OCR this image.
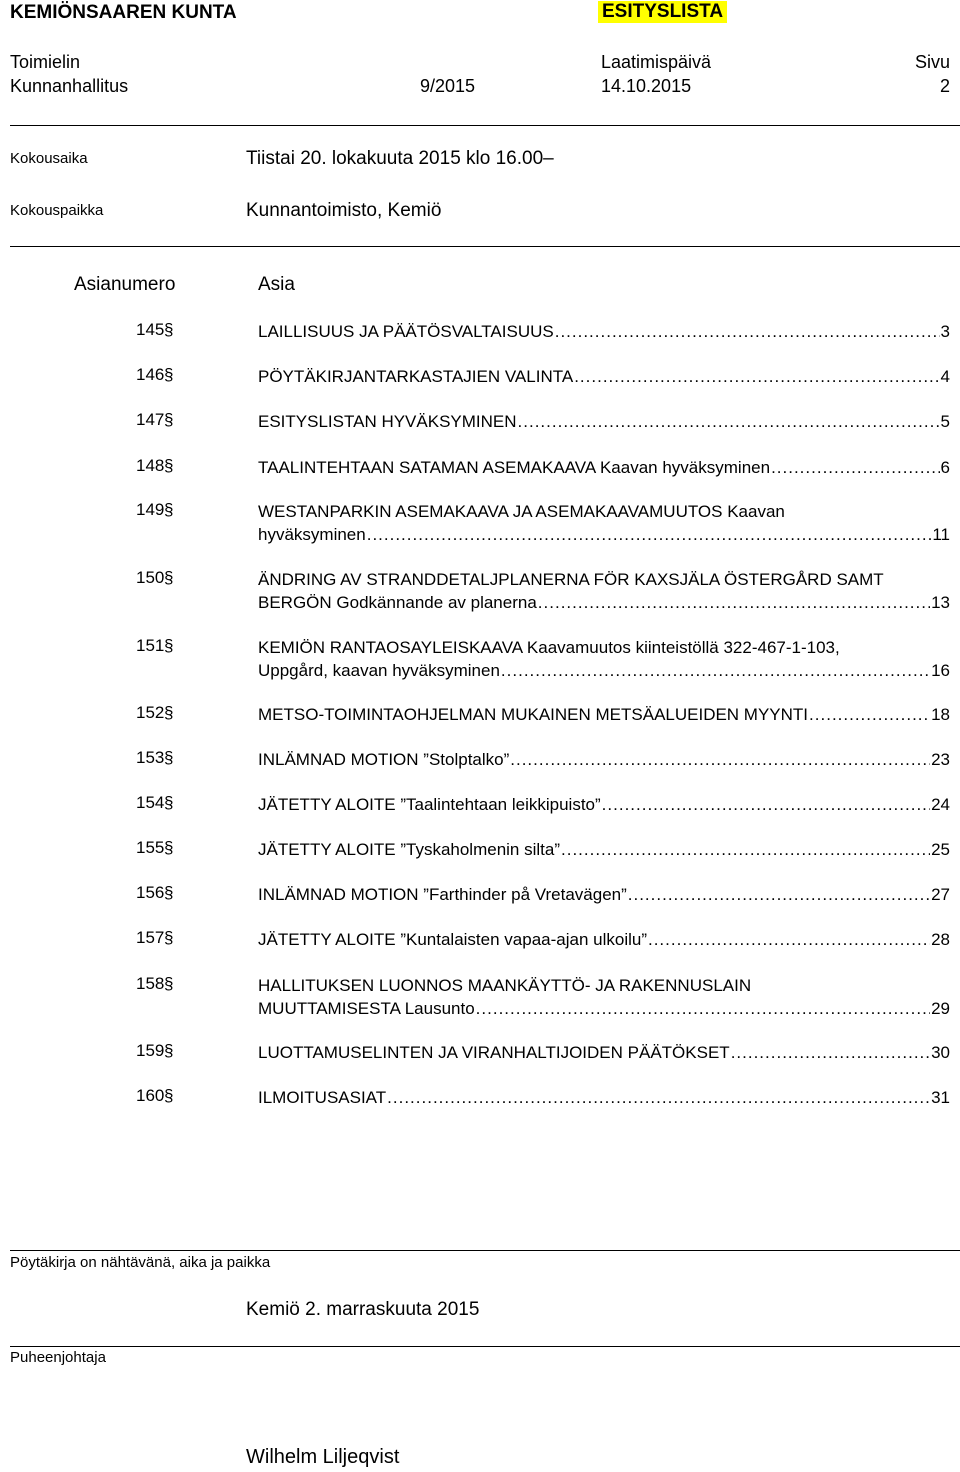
KEMIÖNSAAREN KUNTA	ESITYSLISTA
Toimielin
Kunnanhallitus	9/2015
Laatimispäivä
14.10.2015
Sivu
2
Kokousaika	Tiistai 20. lokakuuta 2015 klo 16.00–
Kokouspaikka	Kunnantoimisto, Kemiö
Asianumero	Asia
145 §	LAILLISUUS JA PÄÄTÖSVALTAISUUS .....	3
146 §	PÖYTÄKIRJANTARKASTAJIEN VALINTA .....	4
147 §	ESITYSLISTAN HYVÄKSYMINEN .....	5
148 §	TAALINTEHTAAN SATAMAN ASEMAKAAVA Kaavan hyväksyminen .....	6
149 §	WESTANPARKIN ASEMAKAAVA JA ASEMAKAAVAMUUTOS Kaavan
hyväksyminen .....	11
150 §	ÄNDRING AV STRANDDETALJPLANERNA FÖR KAXSJÄLA ÖSTERGÅRD SAMT
BERGÖN Godkännande av planerna .....	13
151 §	KEMIÖN RANTAOSAYLEISKAAVA Kaavamuutos kiinteistöllä 322-467-1-103,
Uppgård, kaavan hyväksyminen .....	16
152 §	METSO-TOIMINTAOHJELMAN MUKAINEN METSÄALUEIDEN MYYNTI .....	18
153 §	INLÄMNAD MOTION ”Stolptalko” .....	23
154 §	JÄTETTY ALOITE ”Taalintehtaan leikkipuisto” .....	24
155 §	JÄTETTY ALOITE ”Tyskaholmenin silta” .....	25
156 §	INLÄMNAD MOTION ”Farthinder på Vretavägen” .....	27
157 §	JÄTETTY ALOITE ”Kuntalaisten vapaa-ajan ulkoilu” .....	28
158 §	HALLITUKSEN LUONNOS MAANKÄYTTÖ- JA RAKENNUSLAIN
MUUTTAMISESTA Lausunto .....	29
159 §	LUOTTAMUSELINTEN JA VIRANHALTIJOIDEN PÄÄTÖKSET .....	30
160 §	ILMOITUSASIAT .....	31
Pöytäkirja on nähtävänä, aika ja paikka
Kemiö 2. marraskuuta 2015
Puheenjohtaja
Wilhelm Liljeqvist
